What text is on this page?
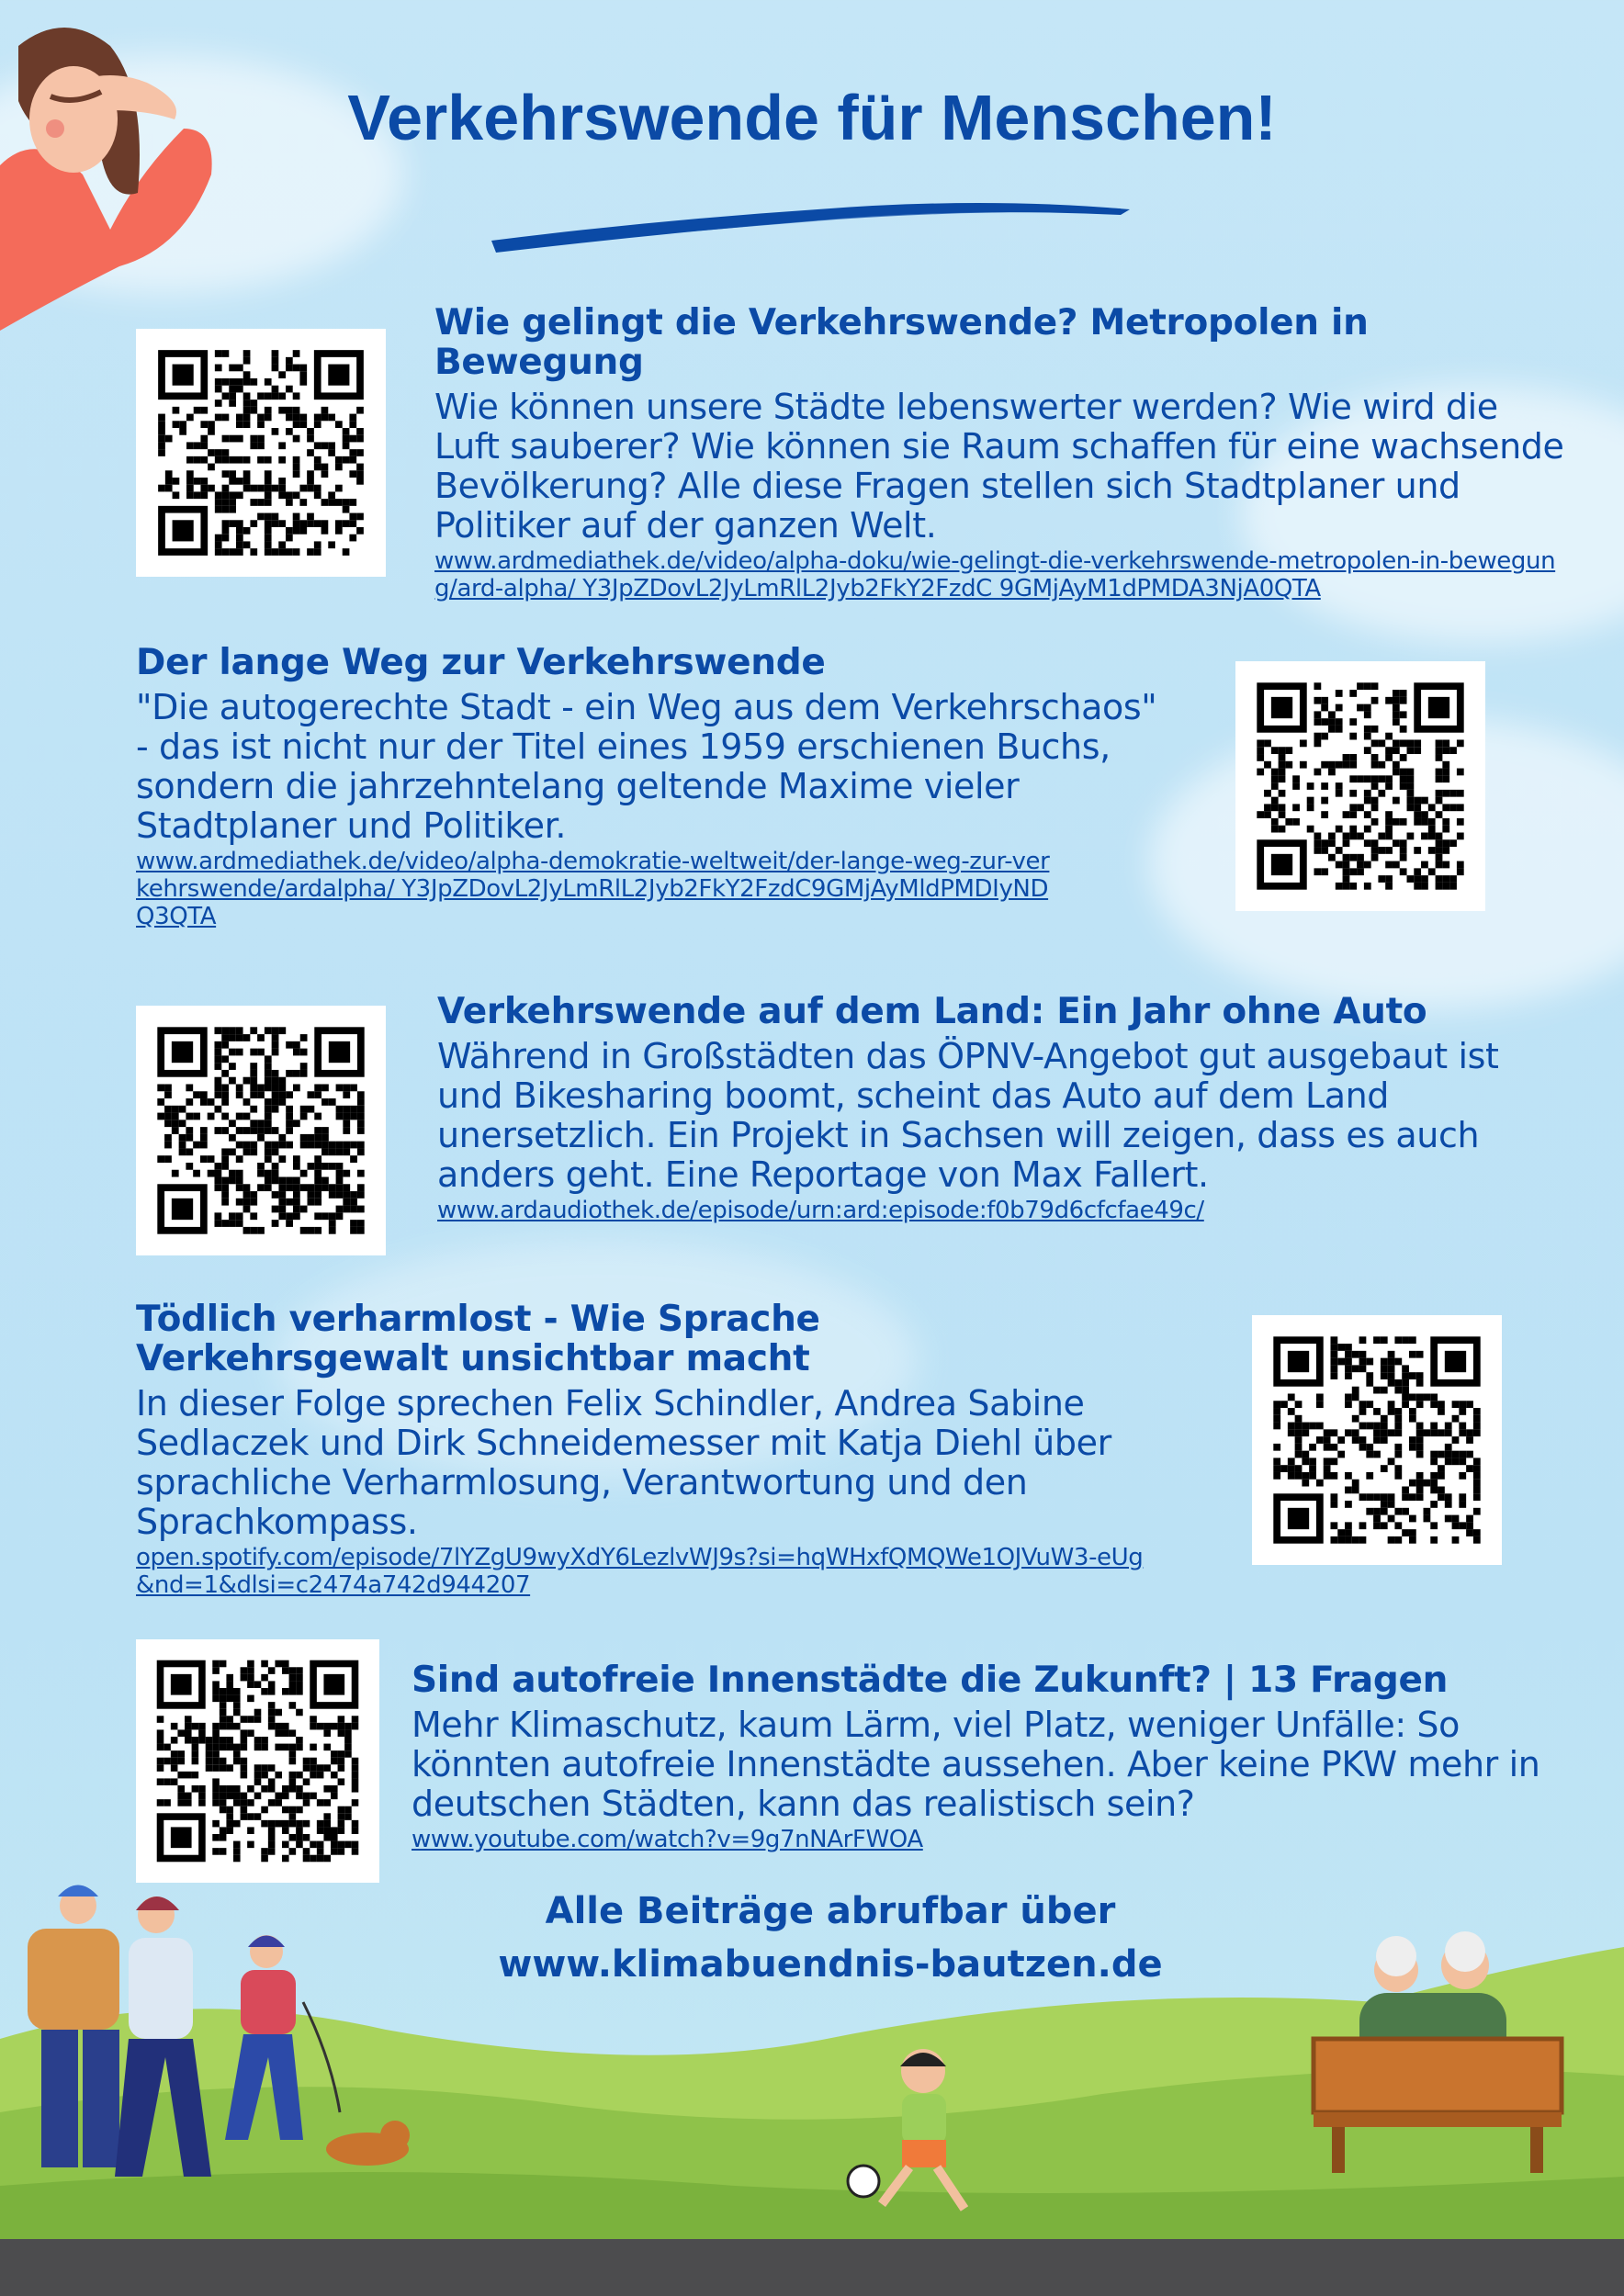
Verkehrswende für Menschen!
Wie gelingt die Verkehrswende? Metropolen in Bewegung

Wie können unsere Städte lebenswerter werden? Wie wird die Luft sauberer? Wie können sie Raum schaffen für eine wachsende Bevölkerung? Alle diese Fragen stellen sich Stadtplaner und Politiker auf der ganzen Welt.

www.ardmediathek.de/video/alpha-doku/wie-gelingt-die-verkehrswende-metropolen-in-bewegung/ard-alpha/ Y3JpZDovL2JyLmRlL2Jyb2FkY2FzdC 9GMjAyM1dPMDA3NjA0QTA
Der lange Weg zur Verkehrswende

"Die autogerechte Stadt - ein Weg aus dem Verkehrschaos" - das ist nicht nur der Titel eines 1959 erschienen Buchs, sondern die jahrzehntelang geltende Maxime vieler Stadtplaner und Politiker.

www.ardmediathek.de/video/alpha-demokratie-weltweit/der-lange-weg-zur-verkehrswende/ardalpha/ Y3JpZDovL2JyLmRlL2Jyb2FkY2FzdC9GMjAyMldPMDIyNDQ3QTA
Verkehrswende auf dem Land: Ein Jahr ohne Auto

Während in Großstädten das ÖPNV-Angebot gut ausgebaut ist und Bikesharing boomt, scheint das Auto auf dem Land unersetzlich. Ein Projekt in Sachsen will zeigen, dass es auch anders geht. Eine Reportage von Max Fallert.

www.ardaudiothek.de/episode/urn:ard:episode:f0b79d6cfcfae49c/
Tödlich verharmlost - Wie Sprache Verkehrsgewalt unsichtbar macht

In dieser Folge sprechen Felix Schindler, Andrea Sabine Sedlaczek und Dirk Schneidemesser mit Katja Diehl über sprachliche Verharmlosung, Verantwortung und den Sprachkompass.

open.spotify.com/episode/7lYZgU9wyXdY6LezlvWJ9s?si=hqWHxfQMQWe1OJVuW3-eUg&nd=1&dlsi=c2474a742d944207
Sind autofreie Innenstädte die Zukunft? | 13 Fragen

Mehr Klimaschutz, kaum Lärm, viel Platz, weniger Unfälle: So könnten autofreie Innenstädte aussehen. Aber keine PKW mehr in deutschen Städten, kann das realistisch sein?

www.youtube.com/watch?v=9g7nNArFWOA
Alle Beiträge abrufbar über
www.klimabuendnis-bautzen.de
